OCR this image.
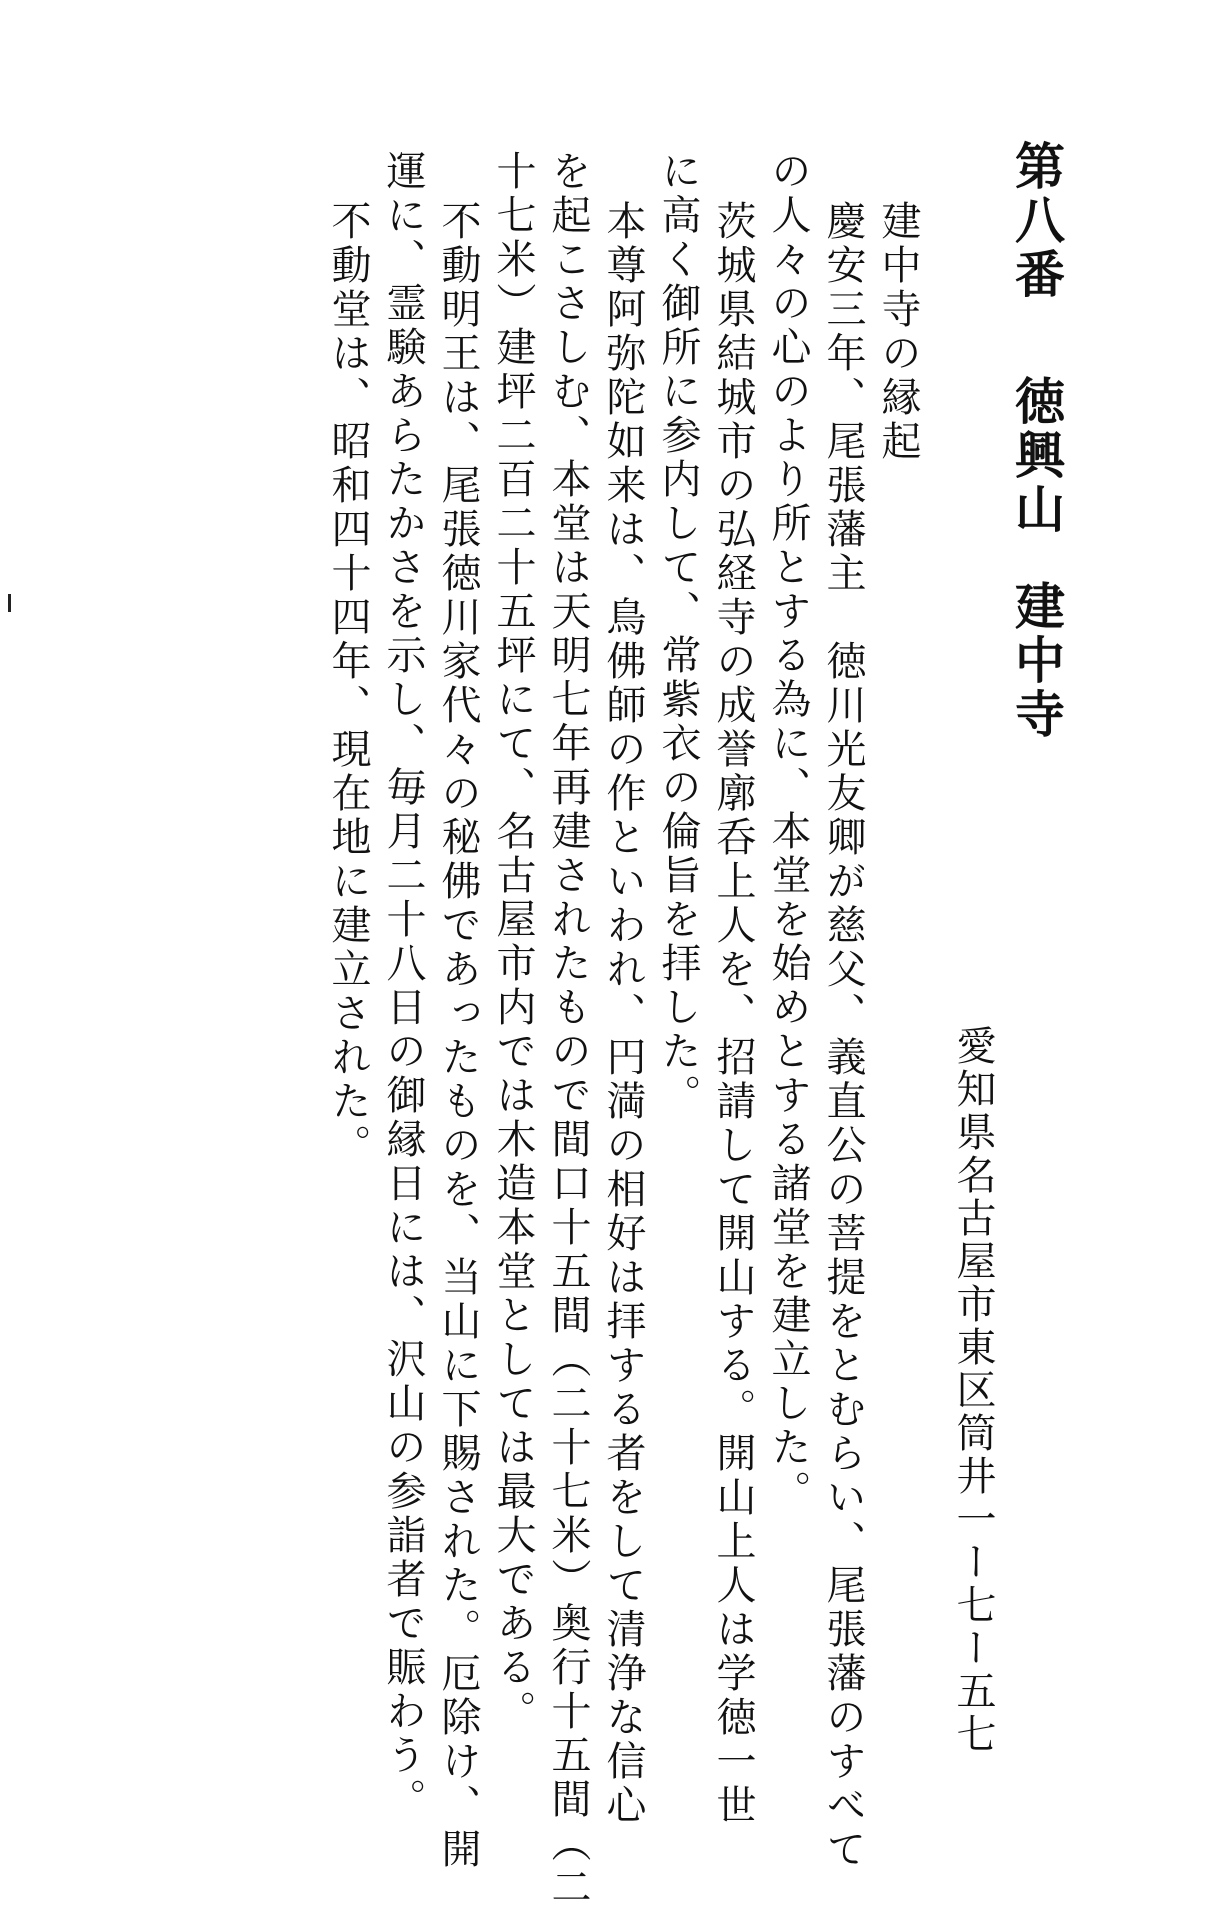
第八番
徳興山
建中寺
愛知県名古屋市東区筒井一ー七ー五七
建中寺の縁起
慶安三年、尾張藩主　徳川光友卿が慈父、義直公の菩提をとむらい、尾張藩のすべて
の人々の心のより所とする為に、本堂を始めとする諸堂を建立した。
茨城県結城市の弘経寺の成誉廓呑上人を、招請して開山する。開山上人は学徳一世
に高く御所に参内して、常紫衣の倫旨を拝した。
本尊阿弥陀如来は、鳥佛師の作といわれ、円満の相好は拝する者をして清浄な信心
を起こさしむ、本堂は天明七年再建されたもので間口十五間（二十七米）奥行十五間（二
十七米）建坪二百二十五坪にて、名古屋市内では木造本堂としては最大である。
不動明王は、尾張徳川家代々の秘佛であったものを、当山に下賜された。厄除け、開
運に、霊験あらたかさを示し、毎月二十八日の御縁日には、沢山の参詣者で賑わう。
不動堂は、昭和四十四年、現在地に建立された。
